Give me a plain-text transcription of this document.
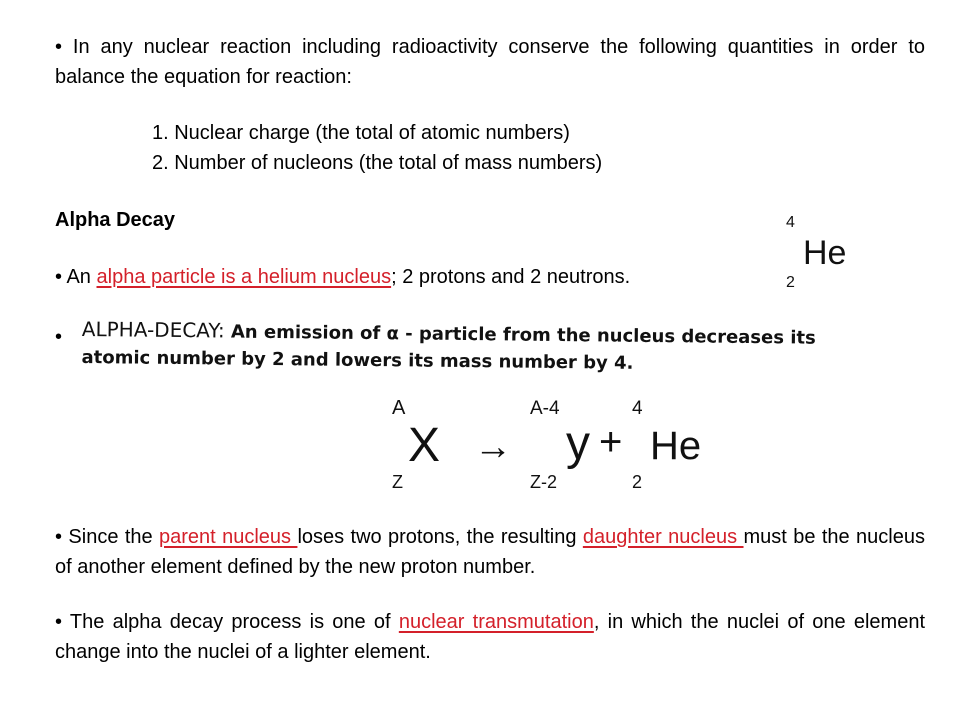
• In any nuclear reaction including radioactivity conserve the following quantities in order to balance the equation for reaction:
1. Nuclear charge (the total of atomic numbers)
2. Number of nucleons (the total of mass numbers)
Alpha Decay
• An alpha particle is a helium nucleus; 2 protons and 2 neutrons.
4
He
2
• ALPHA-DECAY: An emission of α - particle from the nucleus decreases its
atomic number by 2 and lowers its mass number by 4.
A
X
Z
→
A-4
y
Z-2
+
4
He
2
• Since the parent nucleus loses two protons, the resulting daughter nucleus must be the nucleus of another element defined by the new proton number.
• The alpha decay process is one of nuclear transmutation, in which the nuclei of one element change into the nuclei of a lighter element.
